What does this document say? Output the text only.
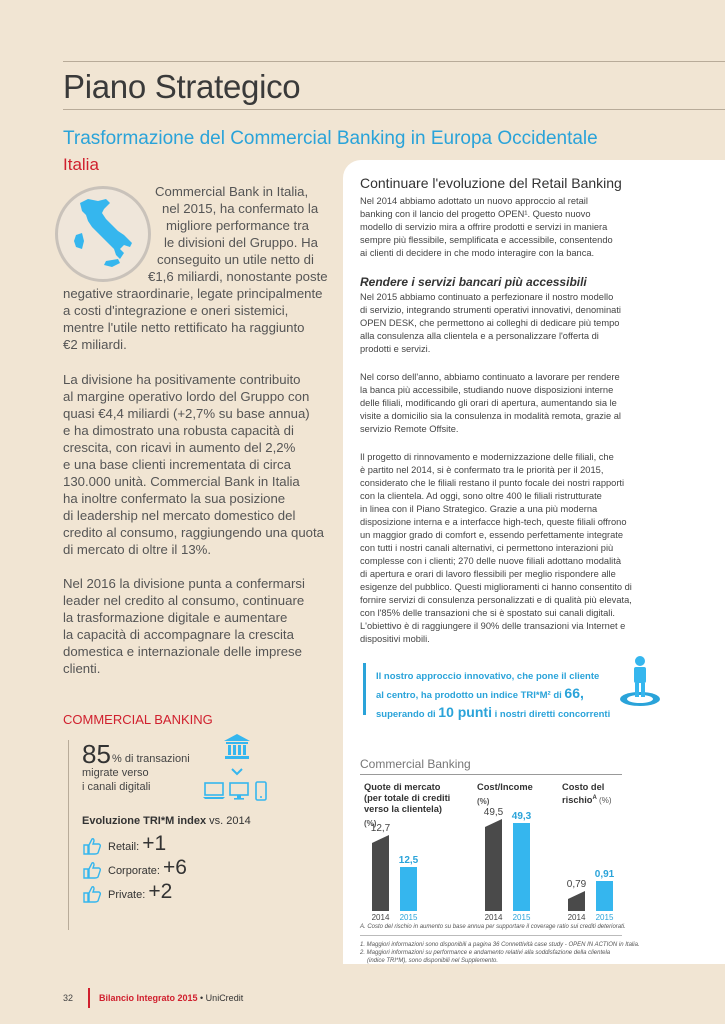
Piano Strategico
Trasformazione del Commercial Banking in Europa Occidentale
Italia
Commercial Bank in Italia,
nel 2015, ha confermato la
migliore performance tra
le divisioni del Gruppo. Ha
conseguito un utile netto di
€1,6 miliardi, nonostante poste
negative straordinarie, legate principalmente
a costi d'integrazione e oneri sistemici,
mentre l'utile netto rettificato ha raggiunto
€2 miliardi.
La divisione ha positivamente contribuito
al margine operativo lordo del Gruppo con
quasi €4,4 miliardi (+2,7% su base annua)
e ha dimostrato una robusta capacità di
crescita, con ricavi in aumento del 2,2%
e una base clienti incrementata di circa
130.000 unità. Commercial Bank in Italia
ha inoltre confermato la sua posizione
di leadership nel mercato domestico del
credito al consumo, raggiungendo una quota
di mercato di oltre il 13%.
Nel 2016 la divisione punta a confermarsi
leader nel credito al consumo, continuare
la trasformazione digitale e aumentare
la capacità di accompagnare la crescita
domestica e internazionale delle imprese
clienti.
COMMERCIAL BANKING
85 % di transazioni
migrate verso
i canali digitali
Evoluzione TRI*M index vs. 2014
Retail: +1
Corporate: +6
Private: +2
Continuare l'evoluzione del Retail Banking
Nel 2014 abbiamo adottato un nuovo approccio al retail
banking con il lancio del progetto OPEN¹. Questo nuovo
modello di servizio mira a offrire prodotti e servizi in maniera
sempre più flessibile, semplificata e accessibile, consentendo
ai clienti di decidere in che modo interagire con la banca.
Rendere i servizi bancari più accessibili
Nel 2015 abbiamo continuato a perfezionare il nostro modello
di servizio, integrando strumenti operativi innovativi, denominati
OPEN DESK, che permettono ai colleghi di dedicare più tempo
alla consulenza alla clientela e a personalizzare l'offerta di
prodotti e servizi.
Nel corso dell'anno, abbiamo continuato a lavorare per rendere
la banca più accessibile, studiando nuove disposizioni interne
delle filiali, modificando gli orari di apertura, aumentando sia le
visite a domicilio sia la consulenza in modalità remota, grazie al
servizio Remote Offsite.
Il progetto di rinnovamento e modernizzazione delle filiali, che
è partito nel 2014, si è confermato tra le priorità per il 2015,
considerato che le filiali restano il punto focale dei nostri rapporti
con la clientela. Ad oggi, sono oltre 400 le filiali ristrutturate
in linea con il Piano Strategico. Grazie a una più moderna
disposizione interna e a interfacce high-tech, queste filiali offrono
un maggior grado di comfort e, essendo perfettamente integrate
con tutti i nostri canali alternativi, ci permettono interazioni più
complesse con i clienti; 270 delle nuove filiali adottano modalità
di apertura e orari di lavoro flessibili per meglio rispondere alle
esigenze del pubblico. Questi miglioramenti ci hanno consentito di
fornire servizi di consulenza personalizzati e di qualità più elevata,
con l'85% delle transazioni che si è spostato sui canali digitali.
L'obiettivo è di raggiungere il 90% delle transazioni via Internet e
dispositivi mobili.
Il nostro approccio innovativo, che pone il cliente
al centro, ha prodotto un indice TRI*M² di 66,
superando di 10 punti i nostri diretti concorrenti
Commercial Banking
Quote di mercato
(per totale di crediti
verso la clientela)
(%)
Cost/Income
(%)
Costo del
rischio$^A$ (%)
12,7
2014
12,5
2015
49,5
2014
49,3
2015
0,79
2014
0,91
2015
A. Costo del rischio in aumento su base annua per supportare il coverage ratio sui crediti deteriorati.
1. Maggiori informazioni sono disponibili a pagina 36 Connettività case study - OPEN IN ACTION in Italia.
2. Maggiori informazioni su performance e andamento relativi alla soddisfazione della clientela
(indice TRI*M), sono disponibili nel Supplemento.
32	Bilancio Integrato 2015 • UniCredit
